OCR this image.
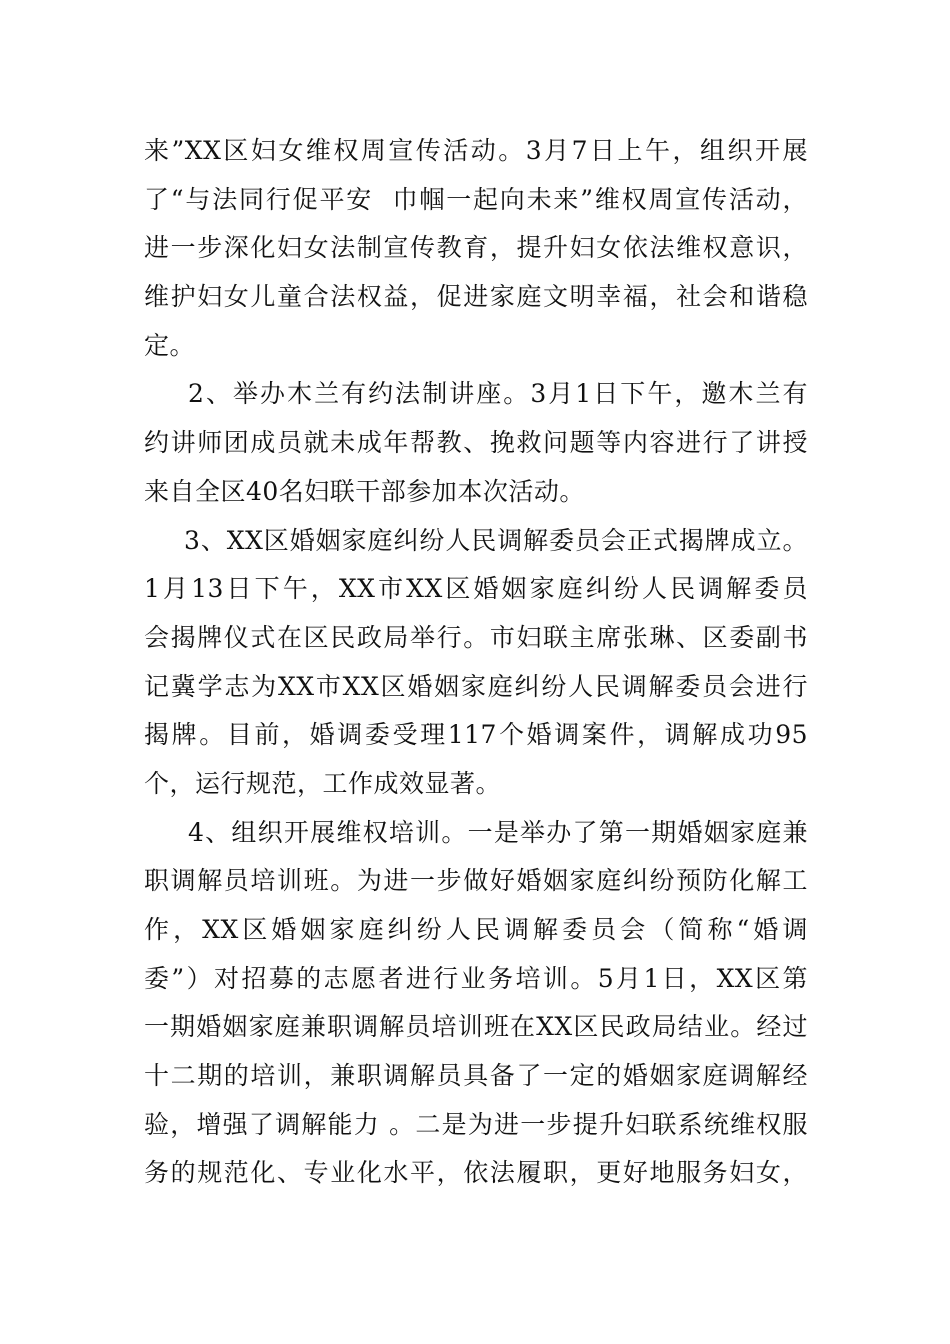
来”XX区妇女维权周宣传活动。3月7日上午，组织开展
了“与法同行促平安  巾帼一起向未来”维权周宣传活动，
进一步深化妇女法制宣传教育，提升妇女依法维权意识，
维护妇女儿童合法权益，促进家庭文明幸福，社会和谐稳
定。
2、举办木兰有约法制讲座。3月1日下午，邀木兰有
约讲师团成员就未成年帮教、挽救问题等内容进行了讲授
来自全区40名妇联干部参加本次活动。
3、XX区婚姻家庭纠纷人民调解委员会正式揭牌成立。
1月13日下午，XX市XX区婚姻家庭纠纷人民调解委员
会揭牌仪式在区民政局举行。市妇联主席张琳、区委副书
记冀学志为XX市XX区婚姻家庭纠纷人民调解委员会进行
揭牌。目前，婚调委受理117个婚调案件，调解成功95
个，运行规范，工作成效显著。
4、组织开展维权培训。一是举办了第一期婚姻家庭兼
职调解员培训班。为进一步做好婚姻家庭纠纷预防化解工
作，XX区婚姻家庭纠纷人民调解委员会（简称“婚调
委”）对招募的志愿者进行业务培训。5月1日，XX区第
一期婚姻家庭兼职调解员培训班在XX区民政局结业。经过
十二期的培训，兼职调解员具备了一定的婚姻家庭调解经
验，增强了调解能力 。二是为进一步提升妇联系统维权服
务的规范化、专业化水平，依法履职，更好地服务妇女，
